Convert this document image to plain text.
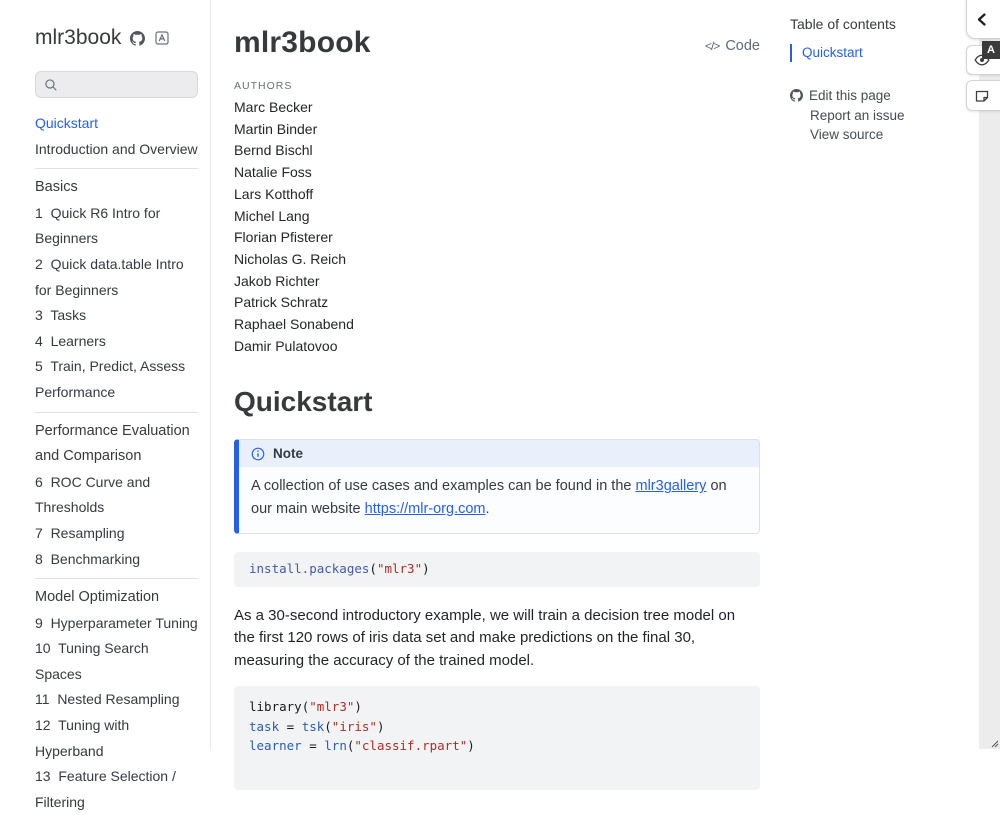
mlr3book
Quickstart
Introduction and Overview
Basics
1  Quick R6 Intro for Beginners
2  Quick data.table Intro for Beginners
3  Tasks
4  Learners
5  Train, Predict, Assess Performance
Performance Evaluation and Comparison
6  ROC Curve and Thresholds
7  Resampling
8  Benchmarking
Model Optimization
9  Hyperparameter Tuning
10  Tuning Search Spaces
11  Nested Resampling
12  Tuning with Hyperband
13  Feature Selection / Filtering
mlr3book	</> Code
AUTHORS
Marc Becker
Martin Binder
Bernd Bischl
Natalie Foss
Lars Kotthoff
Michel Lang
Florian Pfisterer
Nicholas G. Reich
Jakob Richter
Patrick Schratz
Raphael Sonabend
Damir Pulatovoo
Quickstart
Note
A collection of use cases and examples can be found in the mlr3gallery on our main website https://mlr-org.com.
install.packages("mlr3")

As a 30-second introductory example, we will train a decision tree model on the first 120 rows of iris data set and make predictions on the final 30, measuring the accuracy of the trained model.

library("mlr3")
task = tsk("iris")
learner = lrn("classif.rpart")
Table of contents
Quickstart
Edit this page
Report an issue
View source
A
